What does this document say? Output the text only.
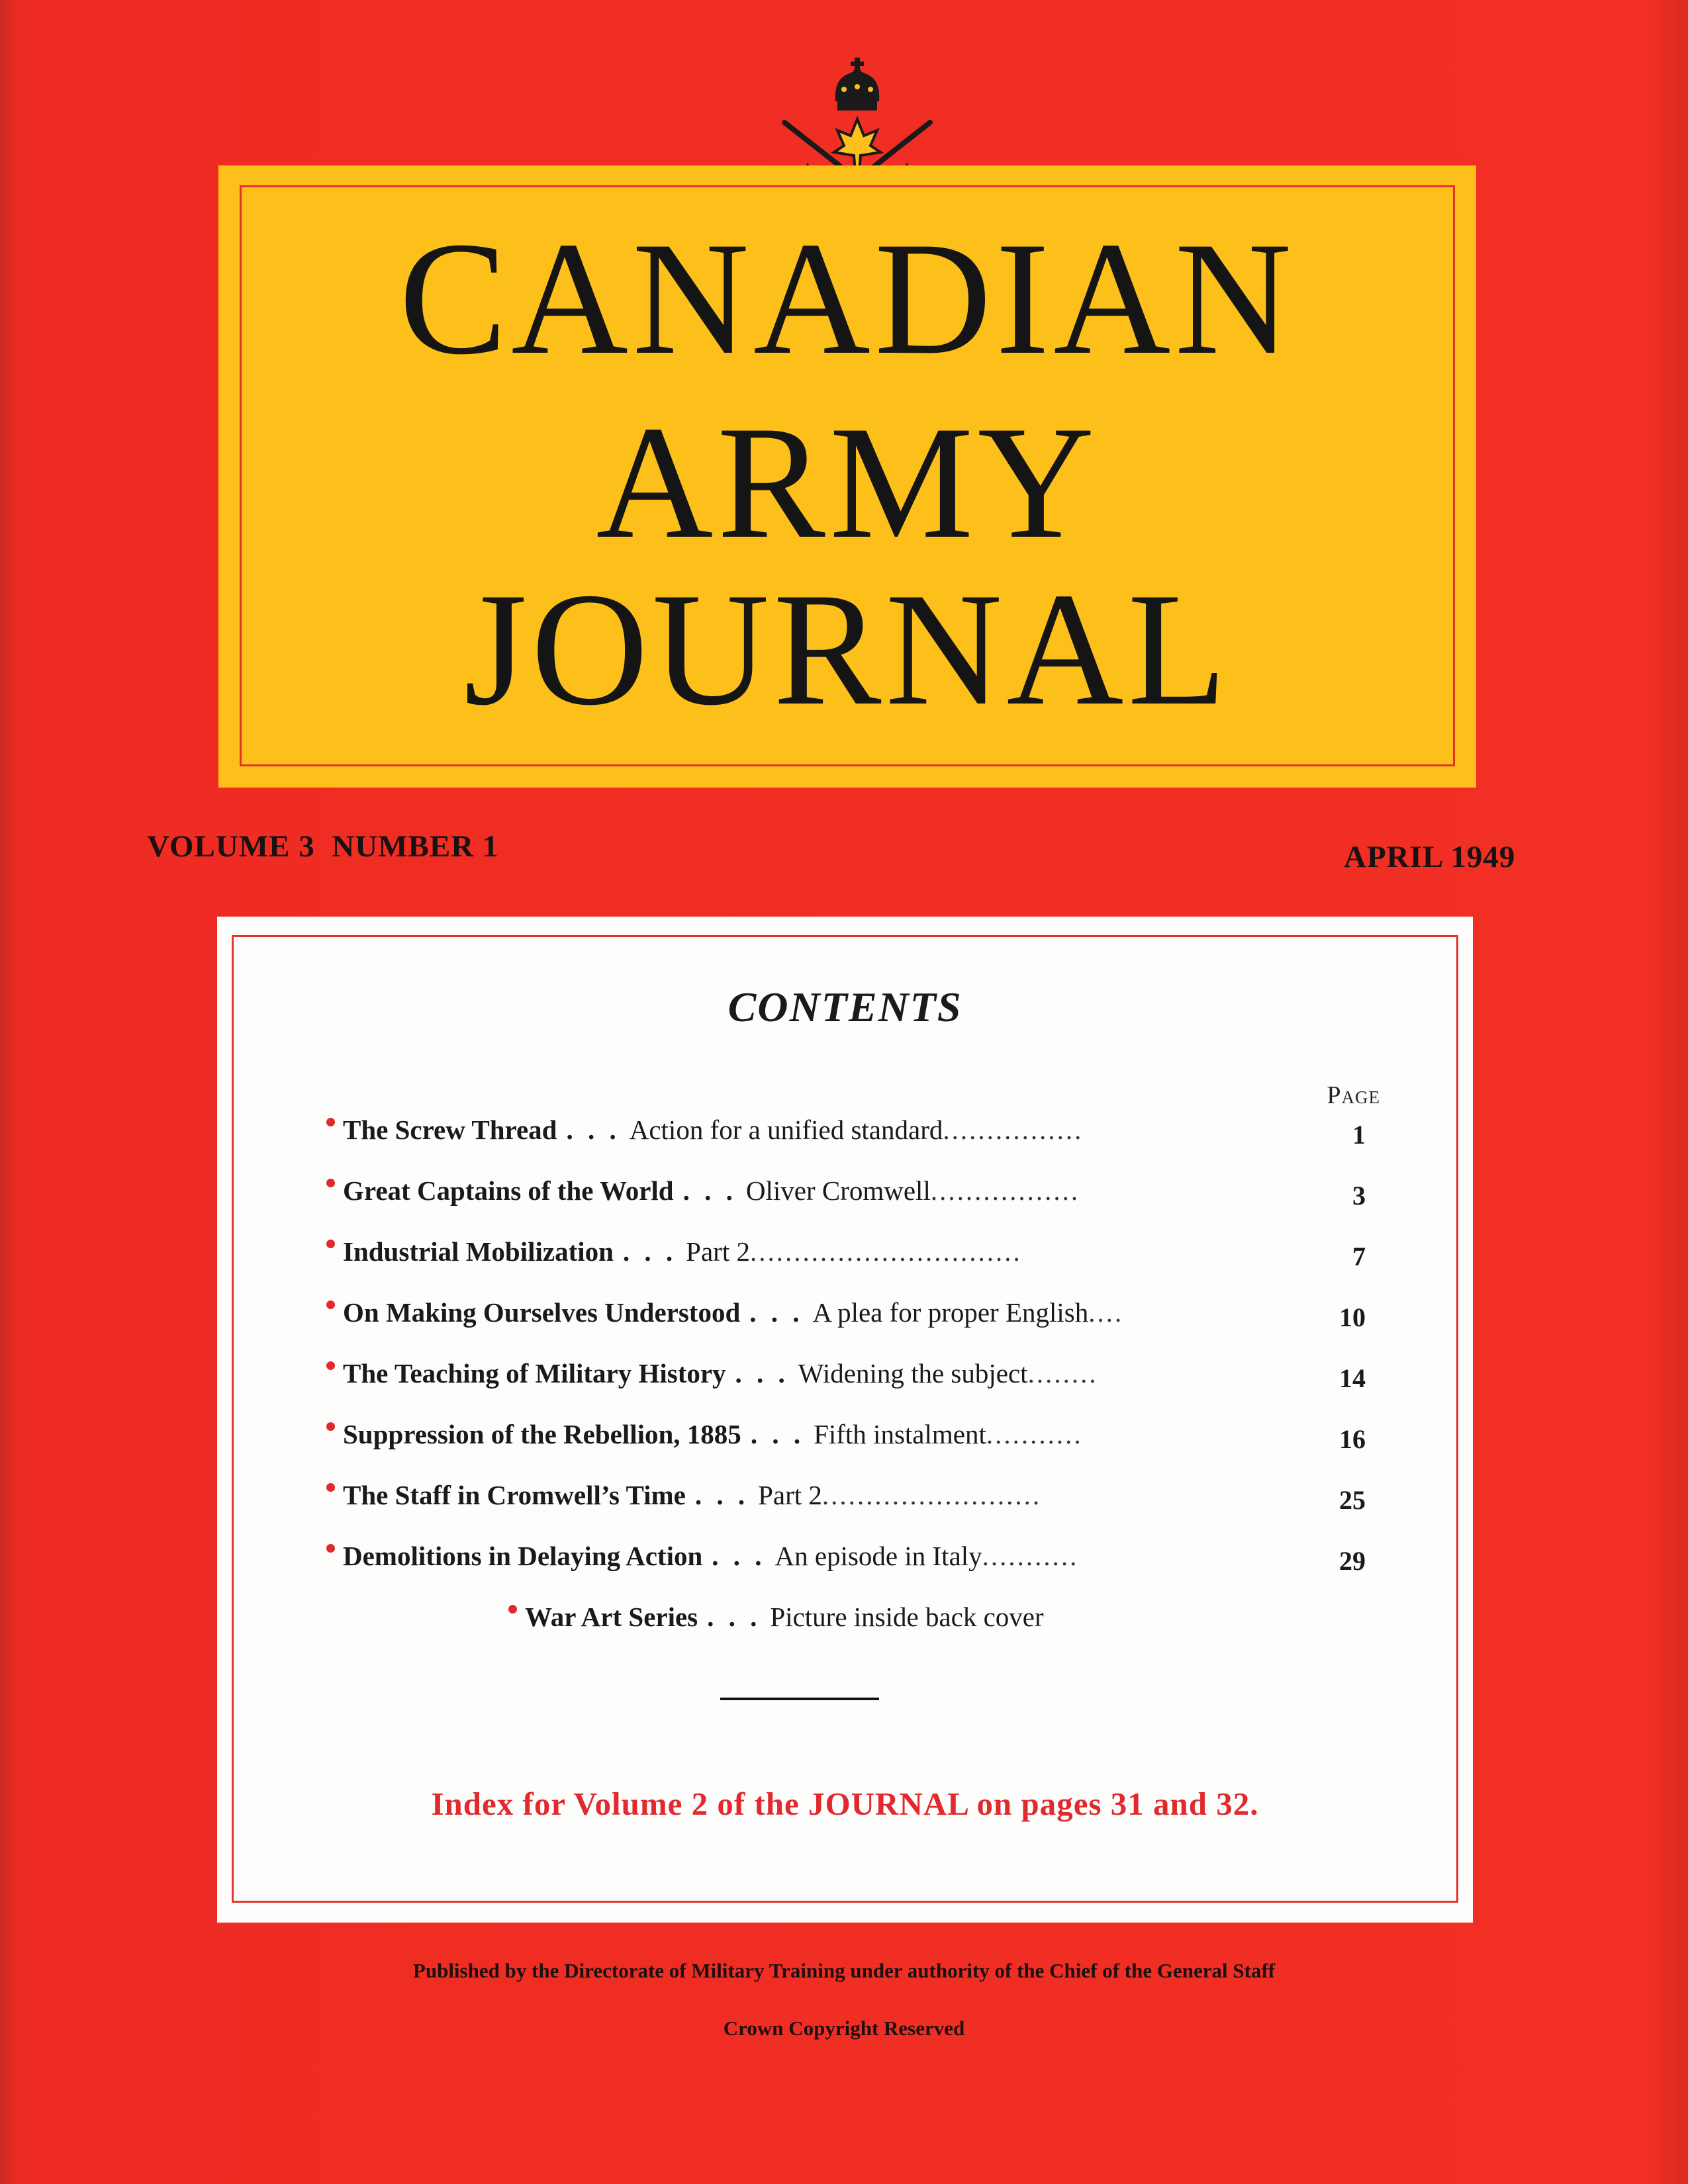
CANADIAN
ARMY
JOURNAL
VOLUME 3  NUMBER 1	APRIL 1949
CONTENTS
Page
The Screw Thread . . . Action for a unified standard................	1
Great Captains of the World . . . Oliver Cromwell.................	3
Industrial Mobilization . . . Part 2...............................	7
On Making Ourselves Understood . . . A plea for proper English....	10
The Teaching of Military History . . . Widening the subject........	14
Suppression of the Rebellion, 1885 . . . Fifth instalment...........	16
The Staff in Cromwell’s Time . . . Part 2.........................	25
Demolitions in Delaying Action . . . An episode in Italy...........	29
War Art Series . . . Picture inside back cover
Index for Volume 2 of the JOURNAL on pages 31 and 32.
Published by the Directorate of Military Training under authority of the Chief of the General Staff
Crown Copyright Reserved
